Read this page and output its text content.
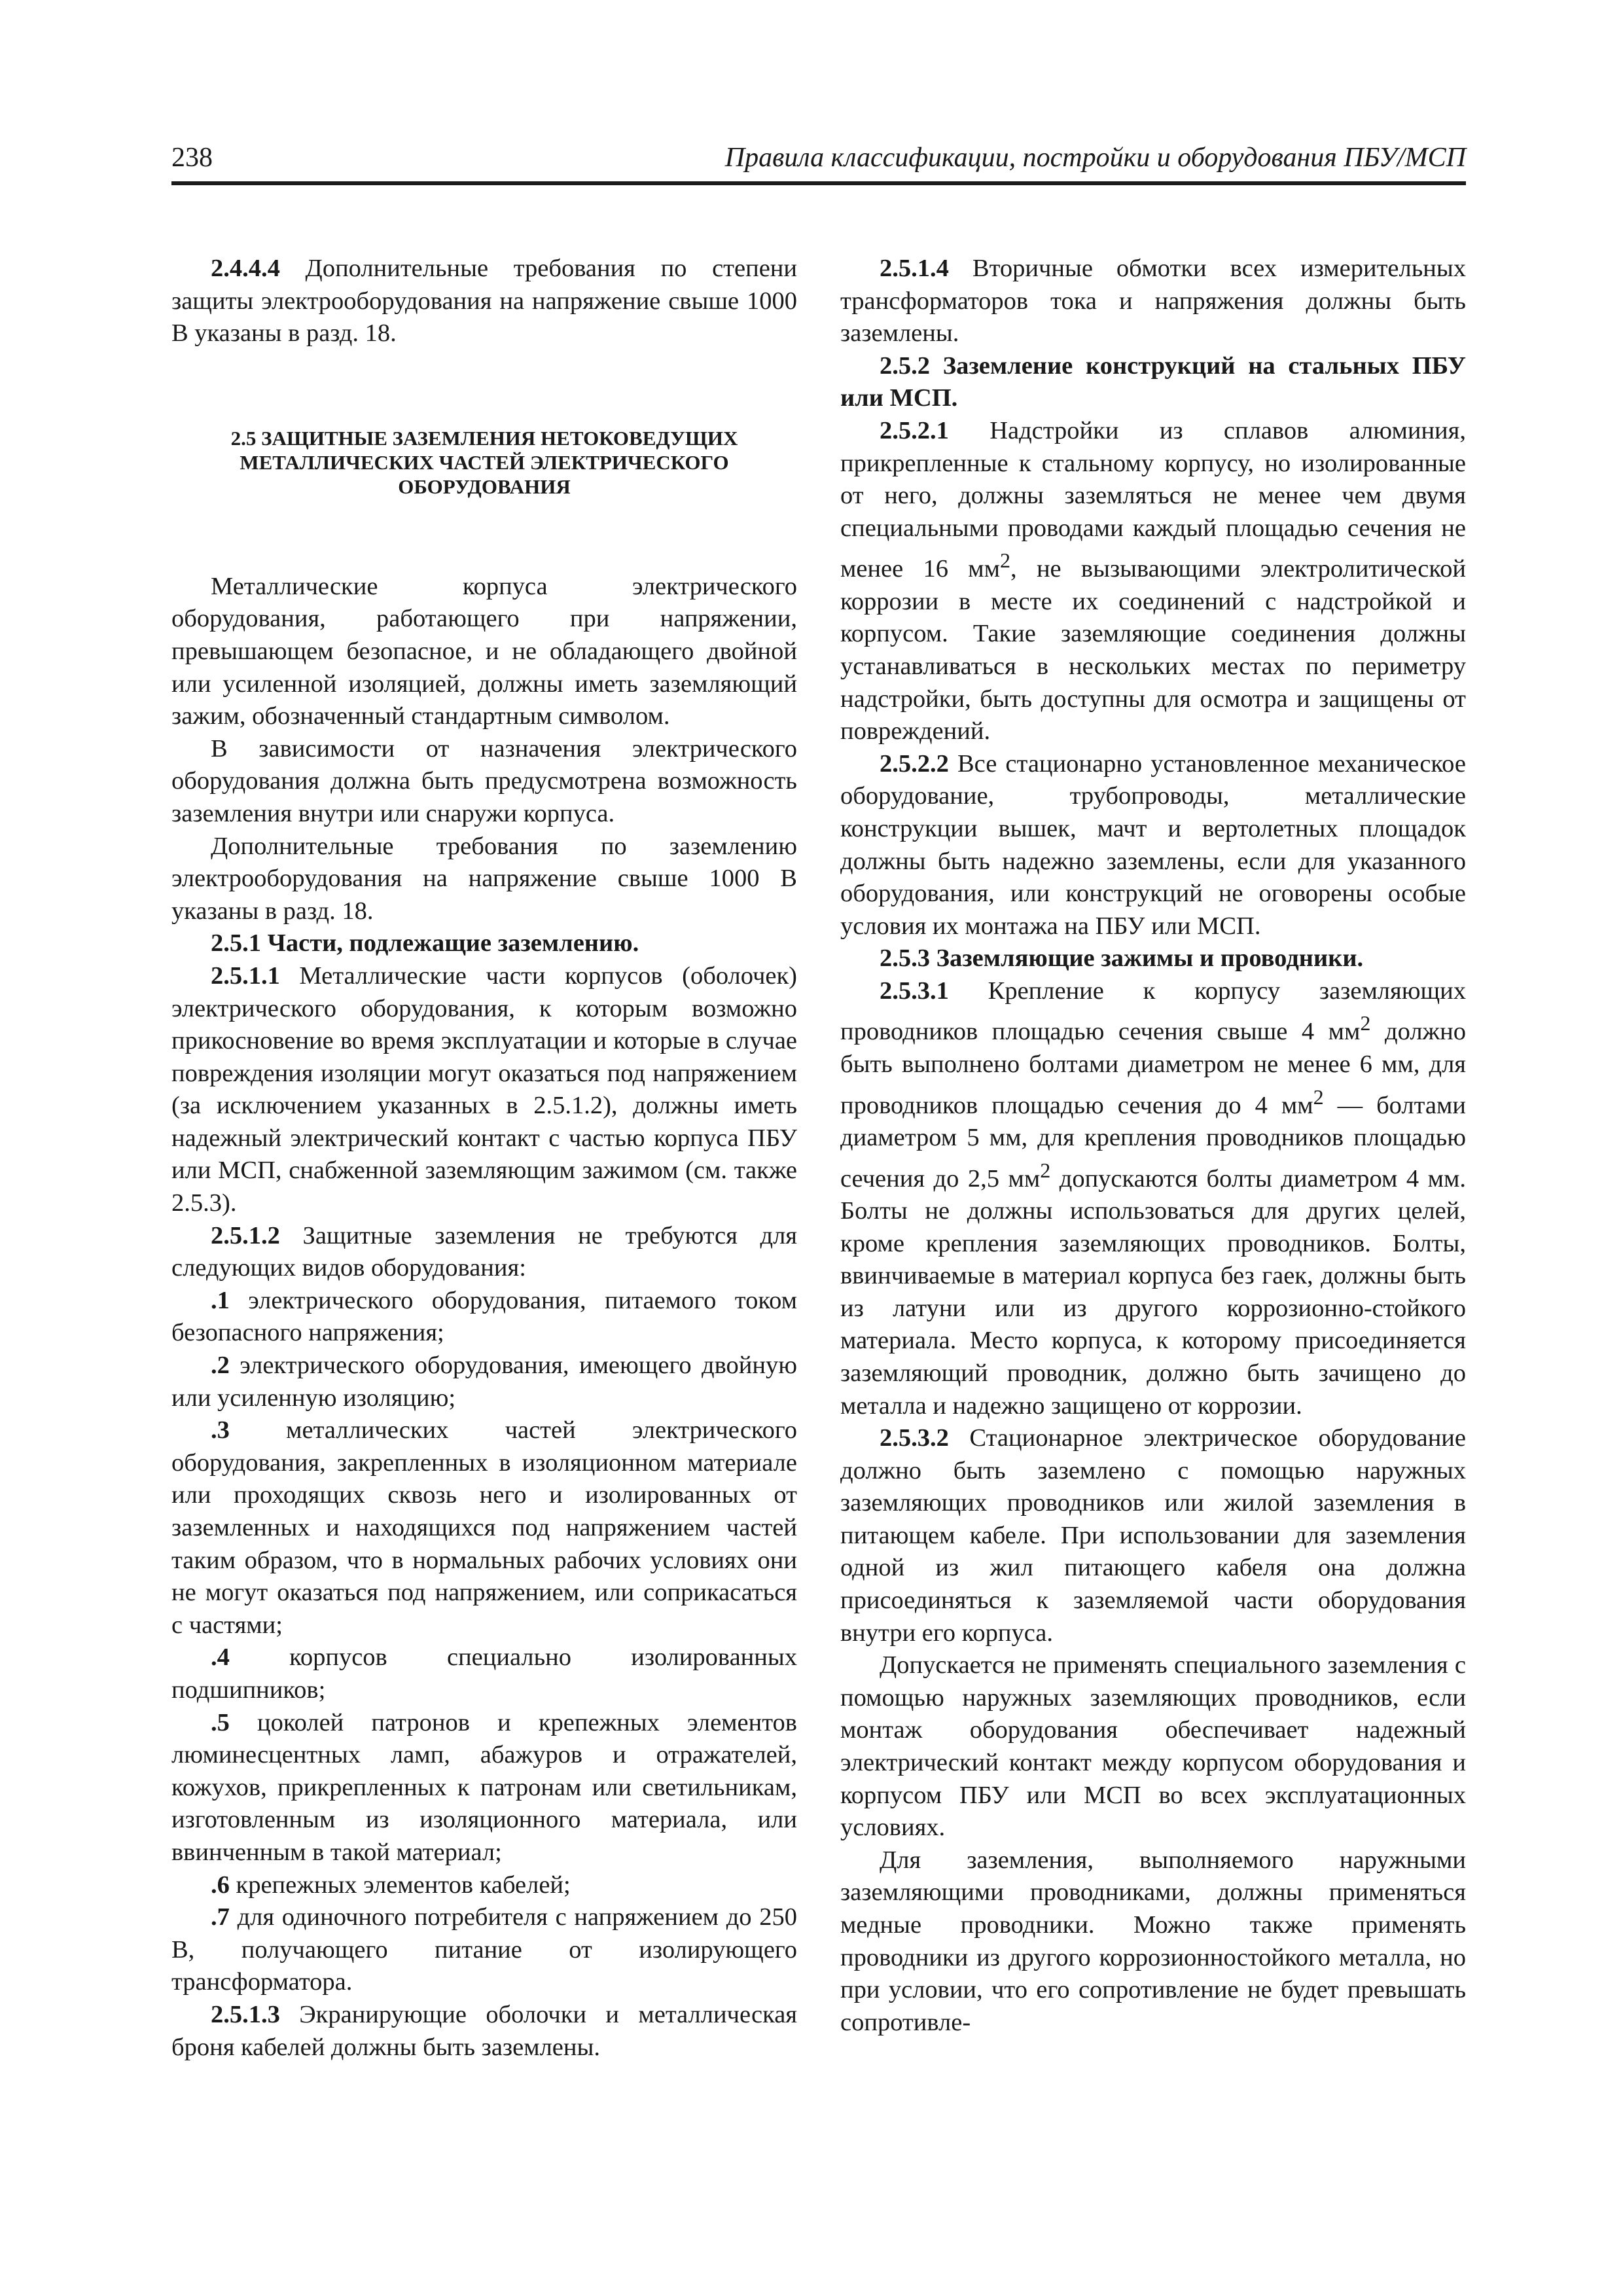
238	Правила классификации, постройки и оборудования ПБУ/МСП

2.4.4.4 Дополнительные требования по степени защиты электрооборудования на напряжение свыше 1000 В указаны в разд. 18.

2.5 ЗАЩИТНЫЕ ЗАЗЕМЛЕНИЯ НЕТОКОВЕДУЩИХ МЕТАЛЛИЧЕСКИХ ЧАСТЕЙ ЭЛЕКТРИЧЕСКОГО ОБОРУДОВАНИЯ

Металлические корпуса электрического оборудования, работающего при напряжении, превышающем безопасное, и не обладающего двойной или усиленной изоляцией, должны иметь заземляющий зажим, обозначенный стандартным символом.

В зависимости от назначения электрического оборудования должна быть предусмотрена возможность заземления внутри или снаружи корпуса.

Дополнительные требования по заземлению электрооборудования на напряжение свыше 1000 В указаны в разд. 18.

2.5.1 Части, подлежащие заземлению.

2.5.1.1 Металлические части корпусов (оболочек) электрического оборудования, к которым возможно прикосновение во время эксплуатации и которые в случае повреждения изоляции могут оказаться под напряжением (за исключением указанных в 2.5.1.2), должны иметь надежный электрический контакт с частью корпуса ПБУ или МСП, снабженной заземляющим зажимом (см. также 2.5.3).

2.5.1.2 Защитные заземления не требуются для следующих видов оборудования:

.1 электрического оборудования, питаемого током безопасного напряжения;

.2 электрического оборудования, имеющего двойную или усиленную изоляцию;

.3 металлических частей электрического оборудования, закрепленных в изоляционном материале или проходящих сквозь него и изолированных от заземленных и находящихся под напряжением частей таким образом, что в нормальных рабочих условиях они не могут оказаться под напряжением, или соприкасаться с частями;

.4 корпусов специально изолированных подшипников;

.5 цоколей патронов и крепежных элементов люминесцентных ламп, абажуров и отражателей, кожухов, прикрепленных к патронам или светильникам, изготовленным из изоляционного материала, или ввинченным в такой материал;

.6 крепежных элементов кабелей;

.7 для одиночного потребителя с напряжением до 250 В, получающего питание от изолирующего трансформатора.

2.5.1.3 Экранирующие оболочки и металлическая броня кабелей должны быть заземлены.

2.5.1.4 Вторичные обмотки всех измерительных трансформаторов тока и напряжения должны быть заземлены.

2.5.2 Заземление конструкций на стальных ПБУ или МСП.

2.5.2.1 Надстройки из сплавов алюминия, прикрепленные к стальному корпусу, но изолированные от него, должны заземляться не менее чем двумя специальными проводами каждый площадью сечения не менее 16 $мм^2$, не вызывающими электролитической коррозии в месте их соединений с надстройкой и корпусом. Такие заземляющие соединения должны устанавливаться в нескольких местах по периметру надстройки, быть доступны для осмотра и защищены от повреждений.

2.5.2.2 Все стационарно установленное механическое оборудование, трубопроводы, металлические конструкции вышек, мачт и вертолетных площадок должны быть надежно заземлены, если для указанного оборудования, или конструкций не оговорены особые условия их монтажа на ПБУ или МСП.

2.5.3 Заземляющие зажимы и проводники.

2.5.3.1 Крепление к корпусу заземляющих проводников площадью сечения свыше 4 $мм^2$ должно быть выполнено болтами диаметром не менее 6 мм, для проводников площадью сечения до 4 $мм^2$ — болтами диаметром 5 мм, для крепления проводников площадью сечения до 2,5 $мм^2$ допускаются болты диаметром 4 мм. Болты не должны использоваться для других целей, кроме крепления заземляющих проводников. Болты, ввинчиваемые в материал корпуса без гаек, должны быть из латуни или из другого коррозионно-стойкого материала. Место корпуса, к которому присоединяется заземляющий проводник, должно быть зачищено до металла и надежно защищено от коррозии.

2.5.3.2 Стационарное электрическое оборудование должно быть заземлено с помощью наружных заземляющих проводников или жилой заземления в питающем кабеле. При использовании для заземления одной из жил питающего кабеля она должна присоединяться к заземляемой части оборудования внутри его корпуса.

Допускается не применять специального заземления с помощью наружных заземляющих проводников, если монтаж оборудования обеспечивает надежный электрический контакт между корпусом оборудования и корпусом ПБУ или МСП во всех эксплуатационных условиях.

Для заземления, выполняемого наружными заземляющими проводниками, должны применяться медные проводники. Можно также применять проводники из другого коррозионностойкого металла, но при условии, что его сопротивление не будет превышать сопротивле-
